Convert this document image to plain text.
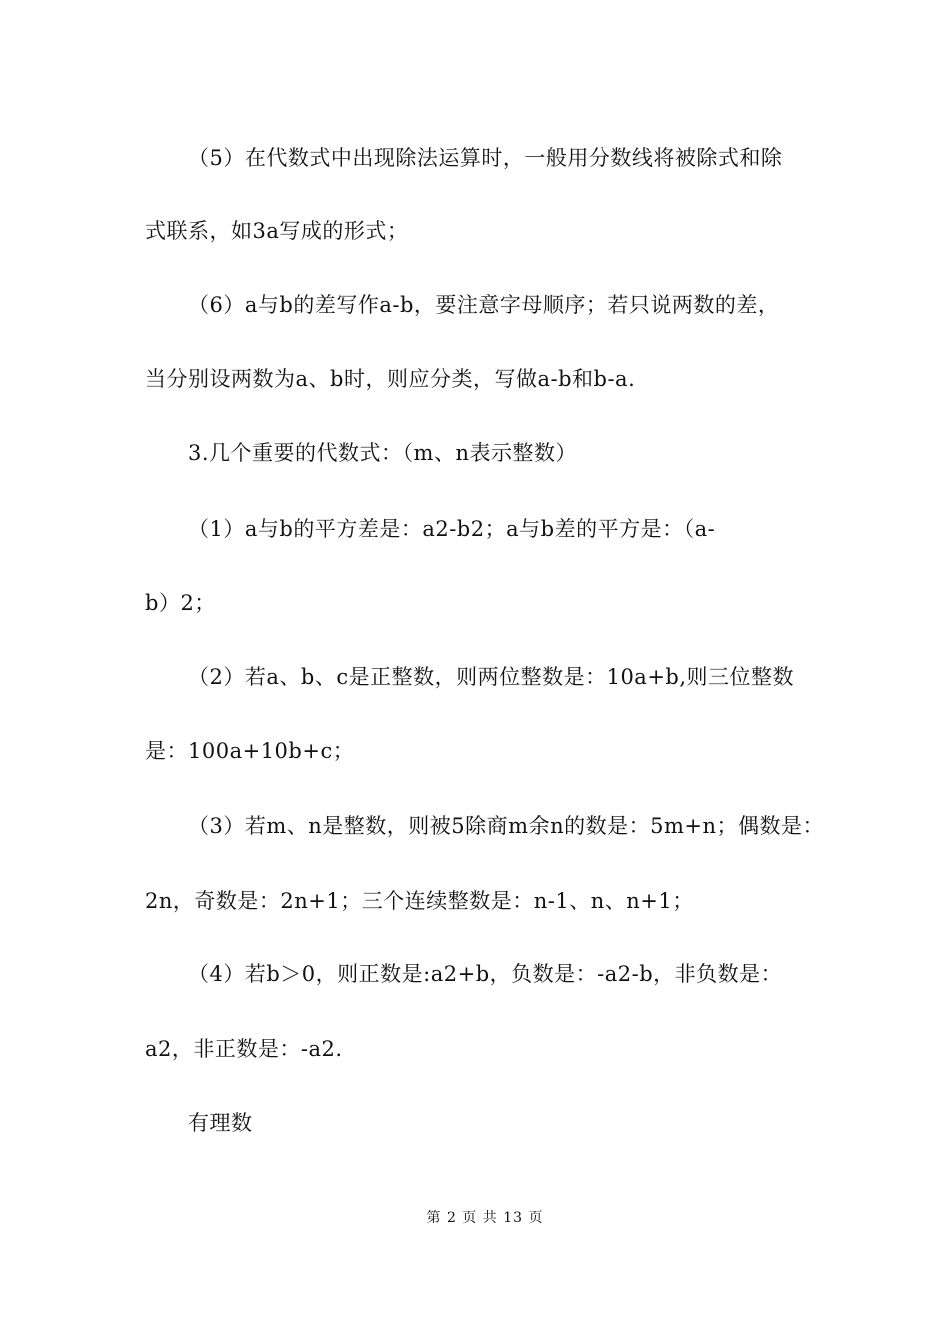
（5）在代数式中出现除法运算时，一般用分数线将被除式和除
式联系，如3a写成的形式；
（6）a与b的差写作a-b，要注意字母顺序；若只说两数的差，
当分别设两数为a、b时，则应分类，写做a-b和b-a.
3.几个重要的代数式：（m、n表示整数）
（1）a与b的平方差是：a2-b2；a与b差的平方是：（a-
b）2；
（2）若a、b、c是正整数，则两位整数是：10a+b,则三位整数
是：100a+10b+c；
（3）若m、n是整数，则被5除商m余n的数是：5m+n；偶数是：
2n，奇数是：2n+1；三个连续整数是：n-1、n、n+1；
（4）若b＞0，则正数是:a2+b，负数是：-a2-b，非负数是：
a2，非正数是：-a2.
有理数
第 2 页 共 13 页
